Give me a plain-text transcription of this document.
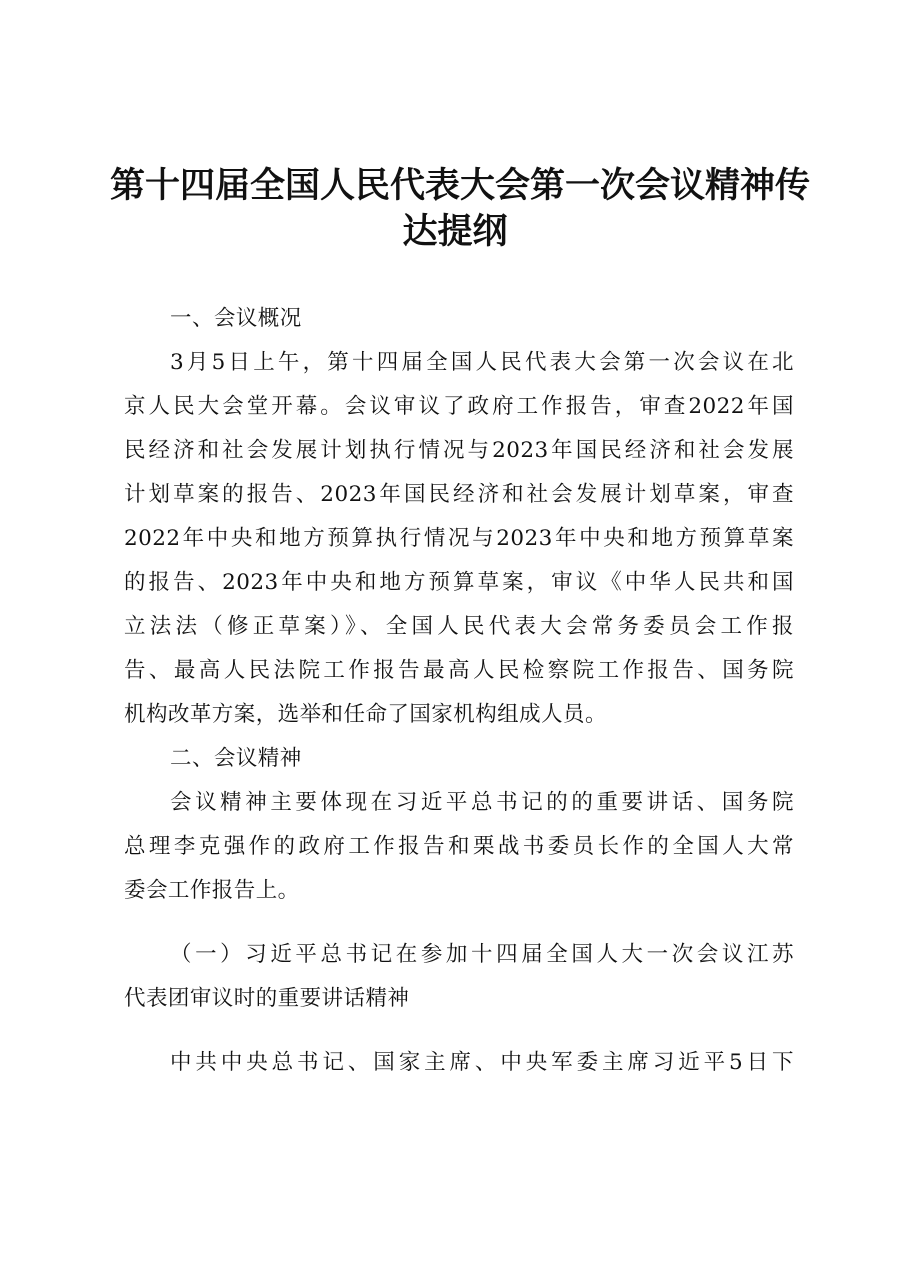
第十四届全国人民代表大会第一次会议精神传
达提纲
一、会议概况
3月5日上午，第十四届全国人民代表大会第一次会议在北
京人民大会堂开幕。会议审议了政府工作报告，审查2022年国
民经济和社会发展计划执行情况与2023年国民经济和社会发展
计划草案的报告、2023年国民经济和社会发展计划草案，审查
2022年中央和地方预算执行情况与2023年中央和地方预算草案
的报告、2023年中央和地方预算草案，审议《中华人民共和国
立法法（修正草案）》、全国人民代表大会常务委员会工作报
告、最高人民法院工作报告最高人民检察院工作报告、国务院
机构改革方案，选举和任命了国家机构组成人员。
二、会议精神
会议精神主要体现在习近平总书记的的重要讲话、国务院
总理李克强作的政府工作报告和栗战书委员长作的全国人大常
委会工作报告上。
（一）习近平总书记在参加十四届全国人大一次会议江苏
代表团审议时的重要讲话精神
中共中央总书记、国家主席、中央军委主席习近平5日下
